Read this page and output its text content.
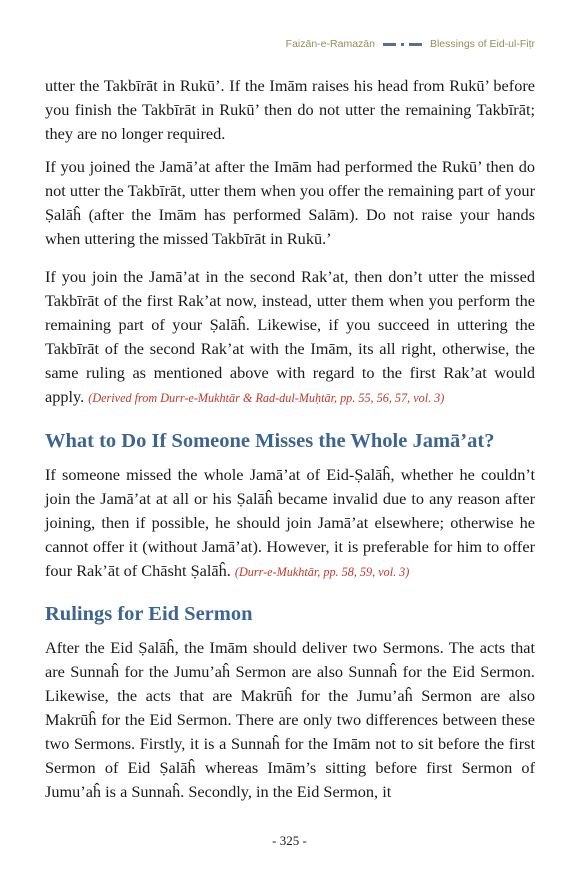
Faizān-e-Ramazān	Blessings of Eid-ul-Fiṭr

utter the Takbīrāt in Rukū’. If the Imām raises his head from Rukū’ before you finish the Takbīrāt in Rukū’ then do not utter the remaining Takbīrāt; they are no longer required.

If you joined the Jamā’at after the Imām had performed the Rukū’ then do not utter the Takbīrāt, utter them when you offer the remaining part of your Ṣalāĥ (after the Imām has performed Salām). Do not raise your hands when uttering the missed Takbīrāt in Rukū.’

If you join the Jamā’at in the second Rak’at, then don’t utter the missed Takbīrāt of the first Rak’at now, instead, utter them when you perform the remaining part of your Ṣalāĥ. Likewise, if you succeed in uttering the Takbīrāt of the second Rak’at with the Imām, its all right, otherwise, the same ruling as mentioned above with regard to the first Rak’at would apply. (Derived from Durr-e-Mukhtār & Rad-dul-Muḥtār, pp. 55, 56, 57, vol. 3)

What to Do If Someone Misses the Whole Jamā’at?

If someone missed the whole Jamā’at of Eid-Ṣalāĥ, whether he couldn’t join the Jamā’at at all or his Ṣalāĥ became invalid due to any reason after joining, then if possible, he should join Jamā’at elsewhere; otherwise he cannot offer it (without Jamā’at). However, it is preferable for him to offer four Rak’āt of Chāsht Ṣalāĥ. (Durr-e-Mukhtār, pp. 58, 59, vol. 3)

Rulings for Eid Sermon

After the Eid Ṣalāĥ, the Imām should deliver two Sermons. The acts that are Sunnaĥ for the Jumu’aĥ Sermon are also Sunnaĥ for the Eid Sermon. Likewise, the acts that are Makrūĥ for the Jumu’aĥ Sermon are also Makrūĥ for the Eid Sermon. There are only two differences between these two Sermons. Firstly, it is a Sunnaĥ for the Imām not to sit before the first Sermon of Eid Ṣalāĥ whereas Imām’s sitting before first Sermon of Jumu’aĥ is a Sunnaĥ. Secondly, in the Eid Sermon, it

- 325 -
